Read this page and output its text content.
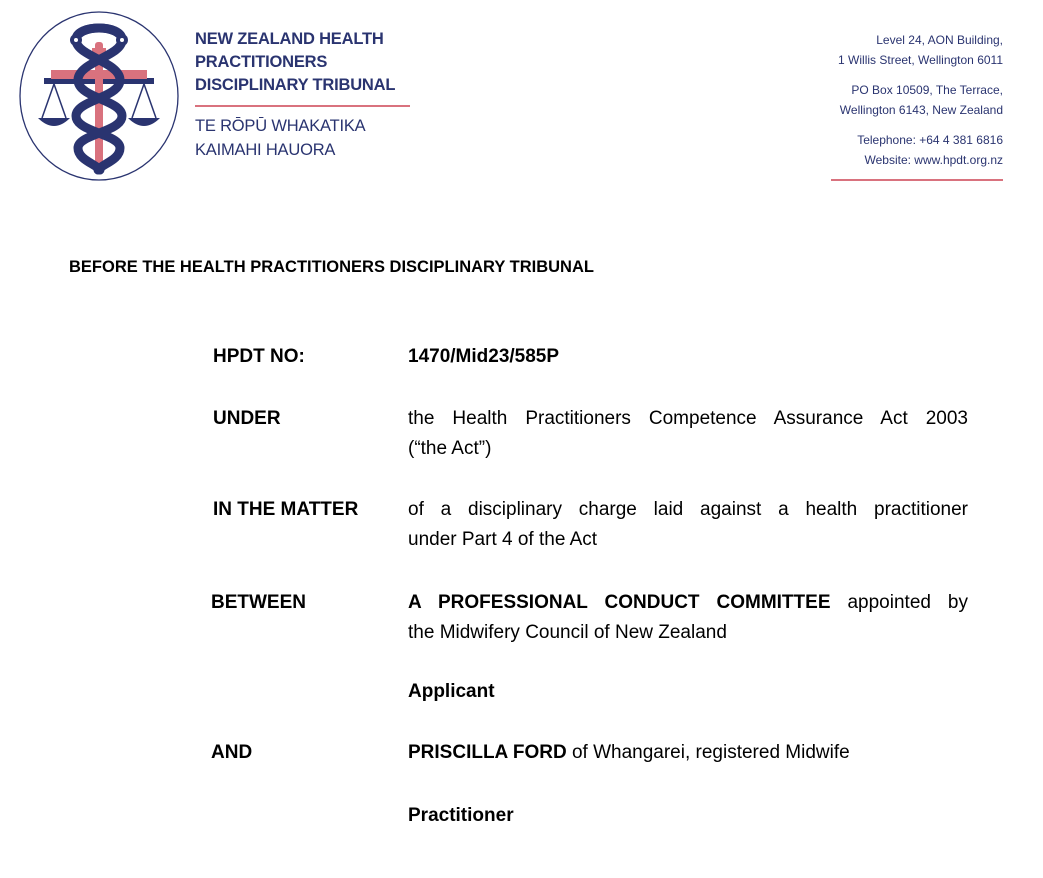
NEW ZEALAND HEALTH
PRACTITIONERS
DISCIPLINARY TRIBUNAL
TE RŌPŪ WHAKATIKA
KAIMAHI HAUORA
Level 24, AON Building,
1 Willis Street, Wellington 6011
PO Box 10509, The Terrace,
Wellington 6143, New Zealand
Telephone: +64 4 381 6816
Website: www.hpdt.org.nz
BEFORE THE HEALTH PRACTITIONERS DISCIPLINARY TRIBUNAL
HPDT NO:	1470/Mid23/585P
UNDER	the Health Practitioners Competence Assurance Act 2003
(“the Act”)
IN THE MATTER	of a disciplinary charge laid against a health practitioner
under Part 4 of the Act
BETWEEN	A PROFESSIONAL CONDUCT COMMITTEE appointed by
the Midwifery Council of New Zealand
Applicant
AND	PRISCILLA FORD of Whangarei, registered Midwife
Practitioner
